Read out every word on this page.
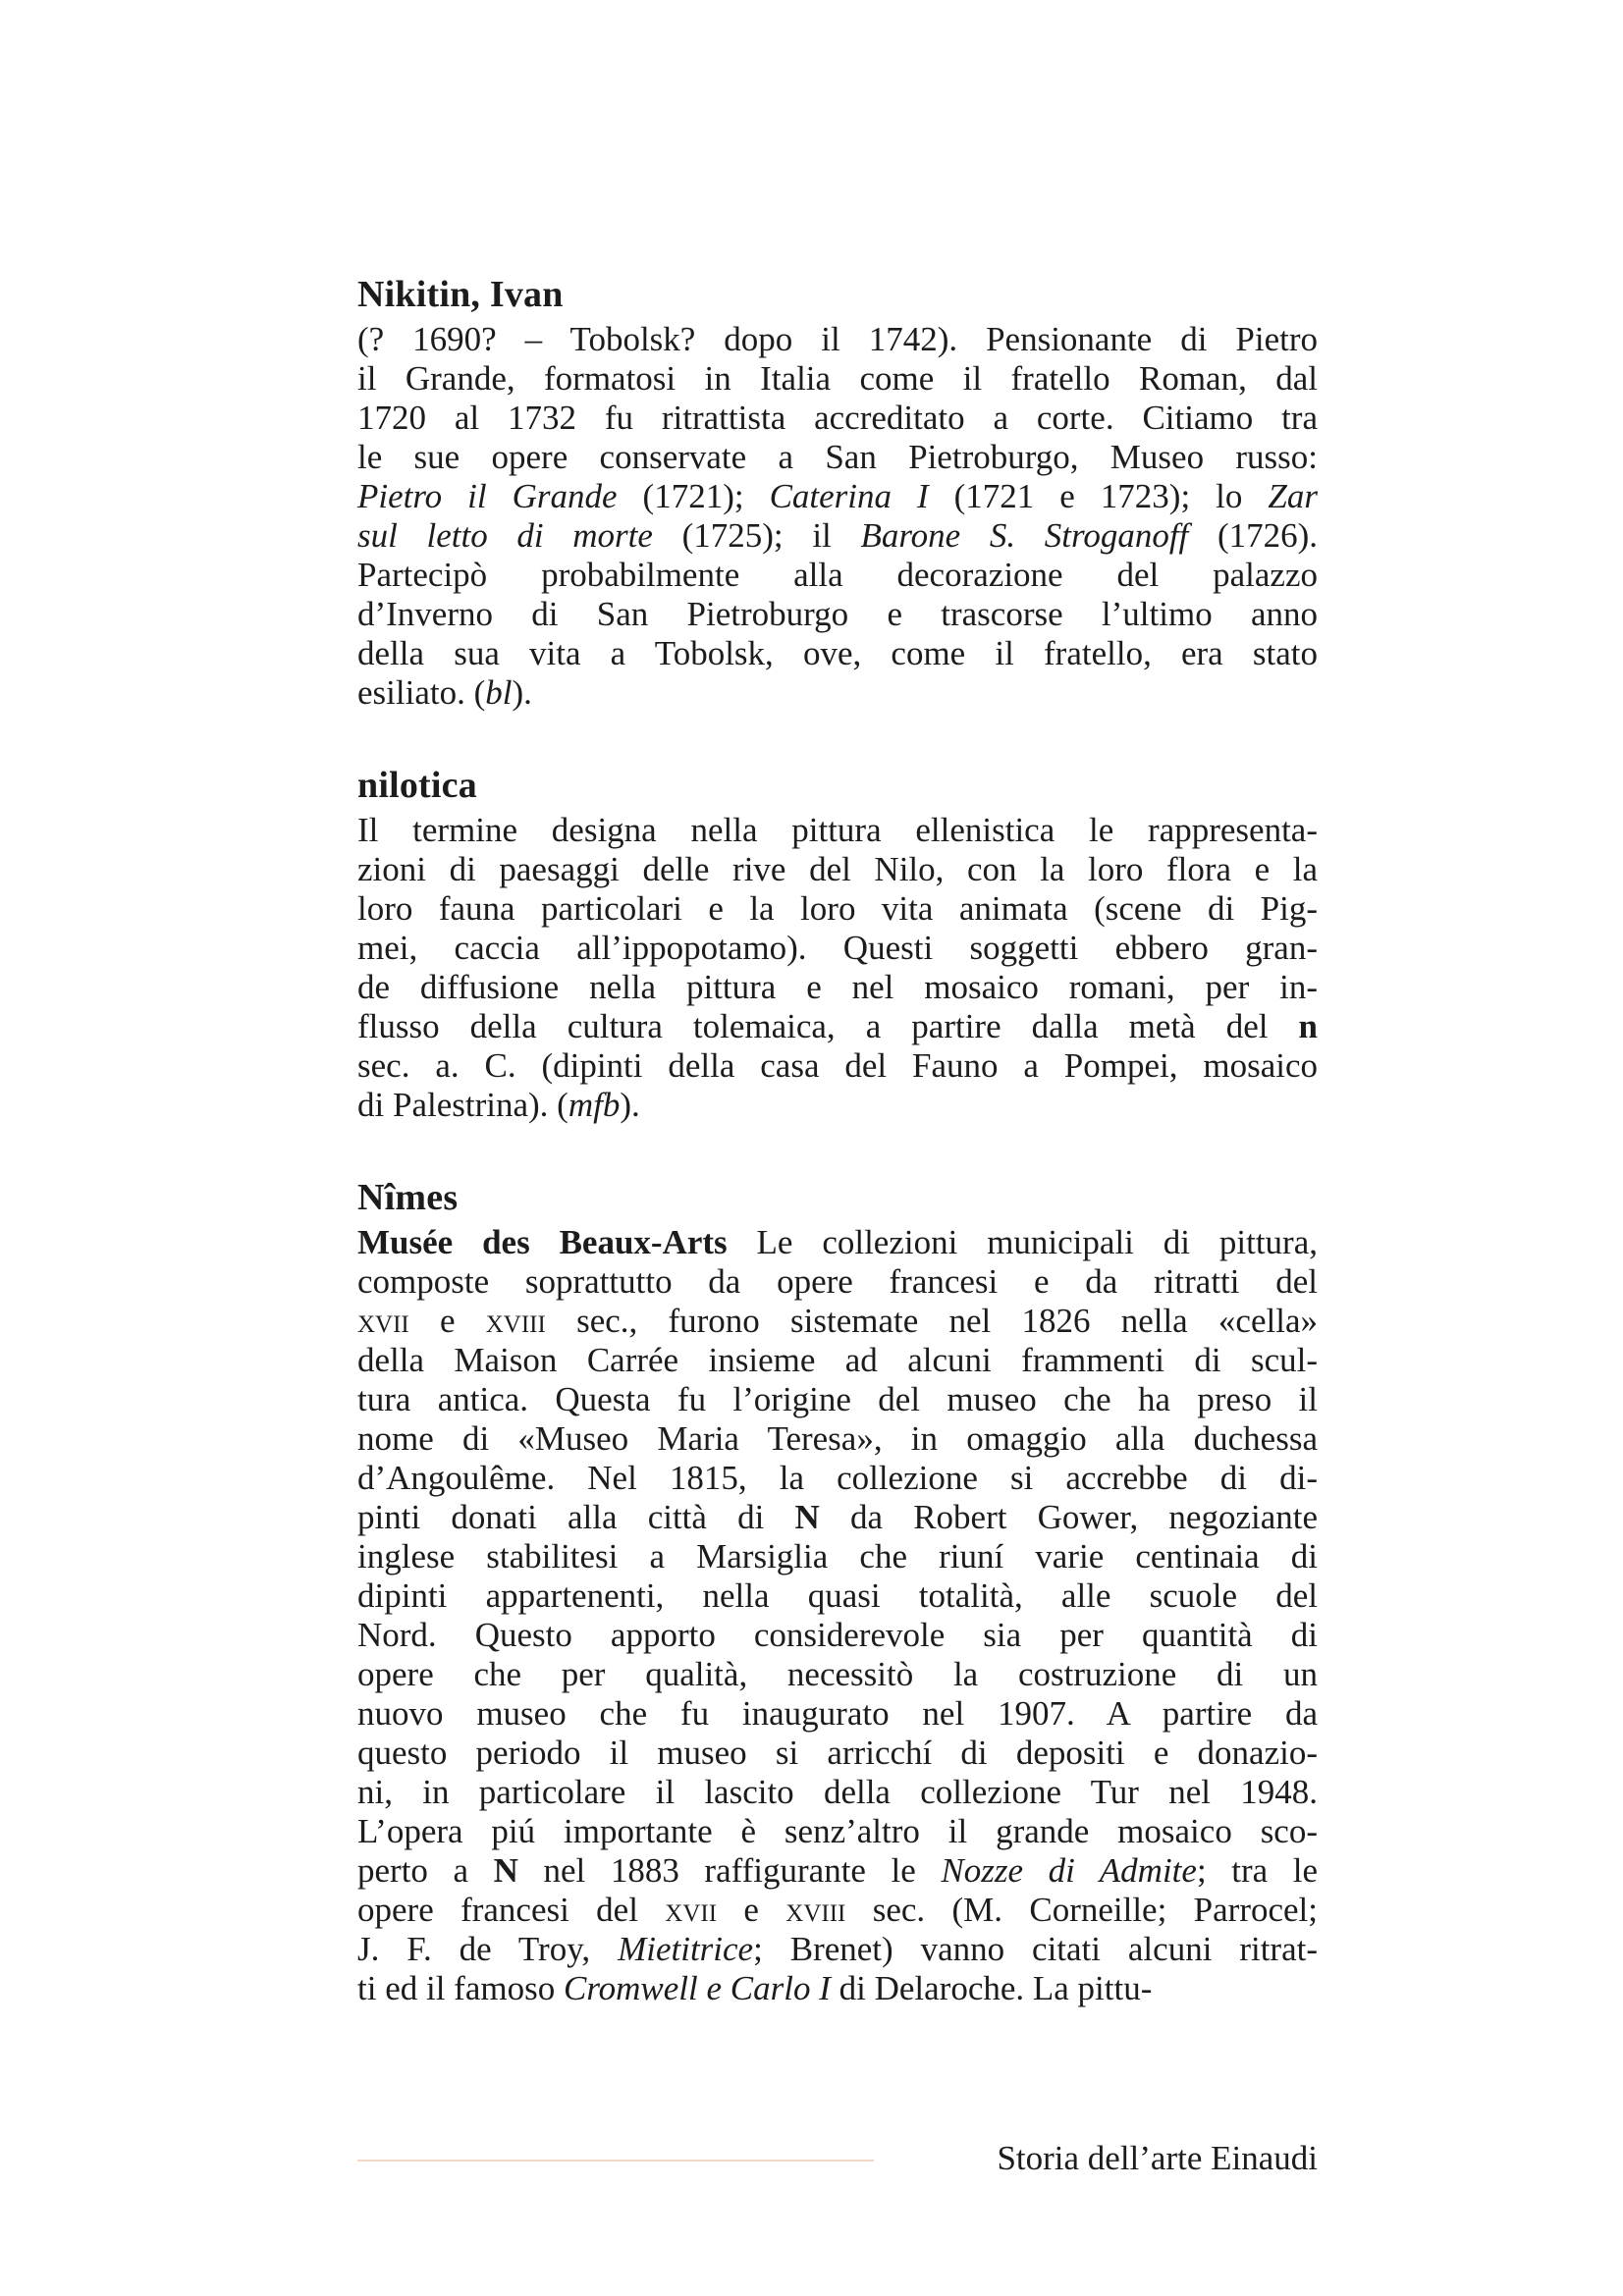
Nikitin, Ivan
(? 1690? – Tobolsk? dopo il 1742). Pensionante di Pietro
il Grande, formatosi in Italia come il fratello Roman, dal
1720 al 1732 fu ritrattista accreditato a corte. Citiamo tra
le sue opere conservate a San Pietroburgo, Museo russo:
Pietro il Grande (1721); Caterina I (1721 e 1723); lo Zar
sul letto di morte (1725); il Barone S. Stroganoff (1726).
Partecipò probabilmente alla decorazione del palazzo
d’Inverno di San Pietroburgo e trascorse l’ultimo anno
della sua vita a Tobolsk, ove, come il fratello, era stato
esiliato. (bl).
nilotica
Il termine designa nella pittura ellenistica le rappresenta-
zioni di paesaggi delle rive del Nilo, con la loro flora e la
loro fauna particolari e la loro vita animata (scene di Pig-
mei, caccia all’ippopotamo). Questi soggetti ebbero gran-
de diffusione nella pittura e nel mosaico romani, per in-
flusso della cultura tolemaica, a partire dalla metà del n
sec. a. C. (dipinti della casa del Fauno a Pompei, mosaico
di Palestrina). (mfb).
Nîmes
Musée des Beaux-Arts Le collezioni municipali di pittura,
composte soprattutto da opere francesi e da ritratti del
xvii e xviii sec., furono sistemate nel 1826 nella «cella»
della Maison Carrée insieme ad alcuni frammenti di scul-
tura antica. Questa fu l’origine del museo che ha preso il
nome di «Museo Maria Teresa», in omaggio alla duchessa
d’Angoulême. Nel 1815, la collezione si accrebbe di di-
pinti donati alla città di N da Robert Gower, negoziante
inglese stabilitesi a Marsiglia che riuní varie centinaia di
dipinti appartenenti, nella quasi totalità, alle scuole del
Nord. Questo apporto considerevole sia per quantità di
opere che per qualità, necessitò la costruzione di un
nuovo museo che fu inaugurato nel 1907. A partire da
questo periodo il museo si arricchí di depositi e donazio-
ni, in particolare il lascito della collezione Tur nel 1948.
L’opera piú importante è senz’altro il grande mosaico sco-
perto a N nel 1883 raffigurante le Nozze di Admite; tra le
opere francesi del xvii e xviii sec. (M. Corneille; Parrocel;
J. F. de Troy, Mietitrice; Brenet) vanno citati alcuni ritrat-
ti ed il famoso Cromwell e Carlo I di Delaroche. La pittu-
Storia dell’arte Einaudi
